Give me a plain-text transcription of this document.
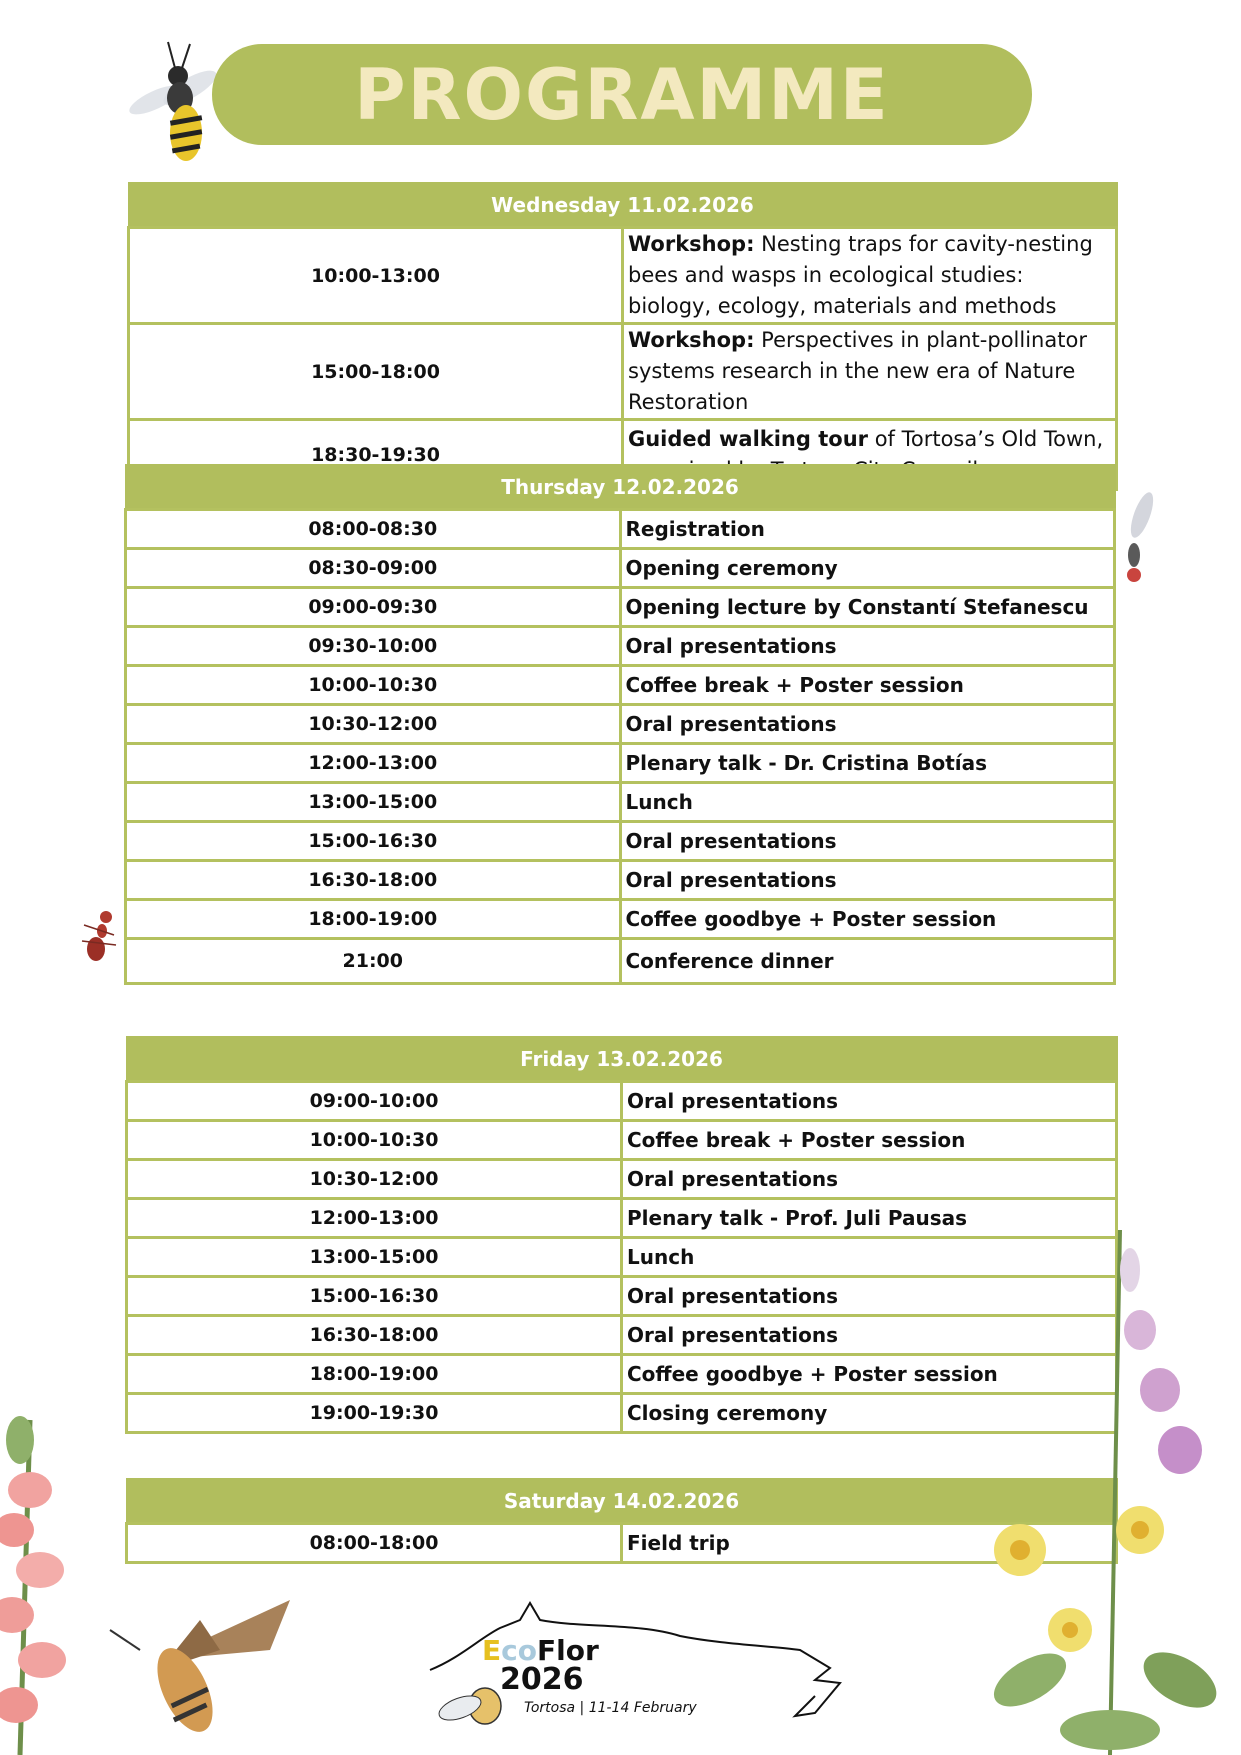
PROGRAMME
Wednesday 11.02.2026	
10:00-13:00	Workshop: Nesting traps for cavity-nesting bees and wasps in ecological studies: biology, ecology, materials and methods
15:00-18:00	Workshop: Perspectives in plant-pollinator systems research in the new era of Nature Restoration
18:30-19:30	Guided walking tour of Tortosa’s Old Town,
Thursday 12.02.2026	
08:00-08:30	Registration
08:30-09:00	Opening ceremony
09:00-09:30	Opening lecture by Constantí Stefanescu
09:30-10:00	Oral presentations
10:00-10:30	Coffee break + Poster session
10:30-12:00	Oral presentations
12:00-13:00	Plenary talk - Dr. Cristina Botías
13:00-15:00	Lunch
15:00-16:30	Oral presentations
16:30-18:00	Oral presentations
18:00-19:00	Coffee goodbye + Poster session
21:00	Conference dinner
Friday 13.02.2026	
09:00-10:00	Oral presentations
10:00-10:30	Coffee break + Poster session
10:30-12:00	Oral presentations
12:00-13:00	Plenary talk - Prof. Juli Pausas
13:00-15:00	Lunch
15:00-16:30	Oral presentations
16:30-18:00	Oral presentations
18:00-19:00	Coffee goodbye + Poster session
19:00-19:30	Closing ceremony
Saturday 14.02.2026
08:00-18:00	Field trip
EcoFlor
2026
Tortosa | 11-14 February
